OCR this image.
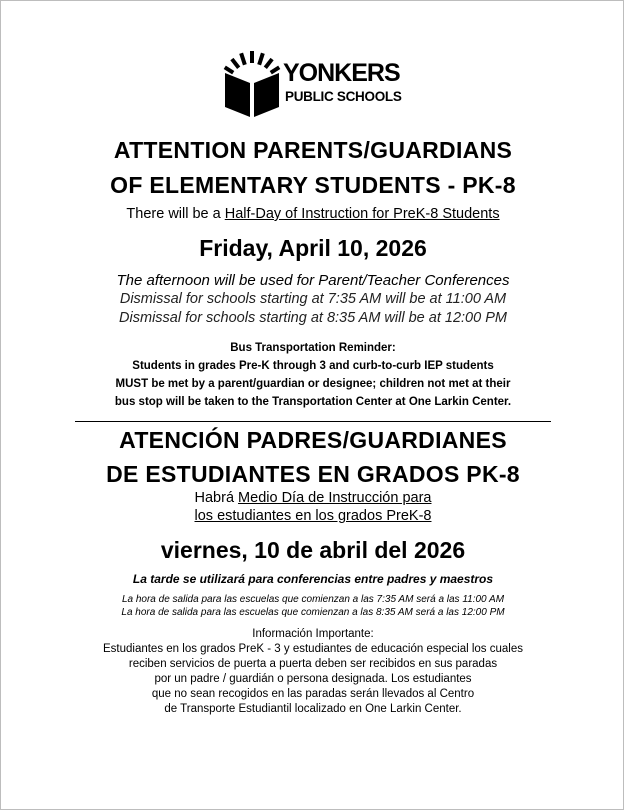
YONKERS
PUBLIC SCHOOLS
ATTENTION PARENTS/GUARDIANS
OF ELEMENTARY STUDENTS - PK-8
There will be a Half-Day of Instruction for PreK-8 Students
Friday, April 10, 2026
The afternoon will be used for Parent/Teacher Conferences
Dismissal for schools starting at 7:35 AM will be at 11:00 AM
Dismissal for schools starting at 8:35 AM will be at 12:00 PM
Bus Transportation Reminder:
Students in grades Pre-K through 3 and curb-to-curb IEP students
MUST be met by a parent/guardian or designee; children not met at their
bus stop will be taken to the Transportation Center at One Larkin Center.
ATENCIÓN PADRES/GUARDIANES
DE ESTUDIANTES EN GRADOS PK-8
Habrá Medio Día de Instrucción para
los estudiantes en los grados PreK-8
viernes, 10 de abril del 2026
La tarde se utilizará para conferencias entre padres y maestros
La hora de salida para las escuelas que comienzan a las 7:35 AM será a las 11:00 AM
La hora de salida para las escuelas que comienzan a las 8:35 AM será a las 12:00 PM
Información Importante:
Estudiantes en los grados PreK - 3 y estudiantes de educación especial los cuales
reciben servicios de puerta a puerta deben ser recibidos en sus paradas
por un padre / guardián o persona designada. Los estudiantes
que no sean recogidos en las paradas serán llevados al Centro
de Transporte Estudiantil localizado en One Larkin Center.
